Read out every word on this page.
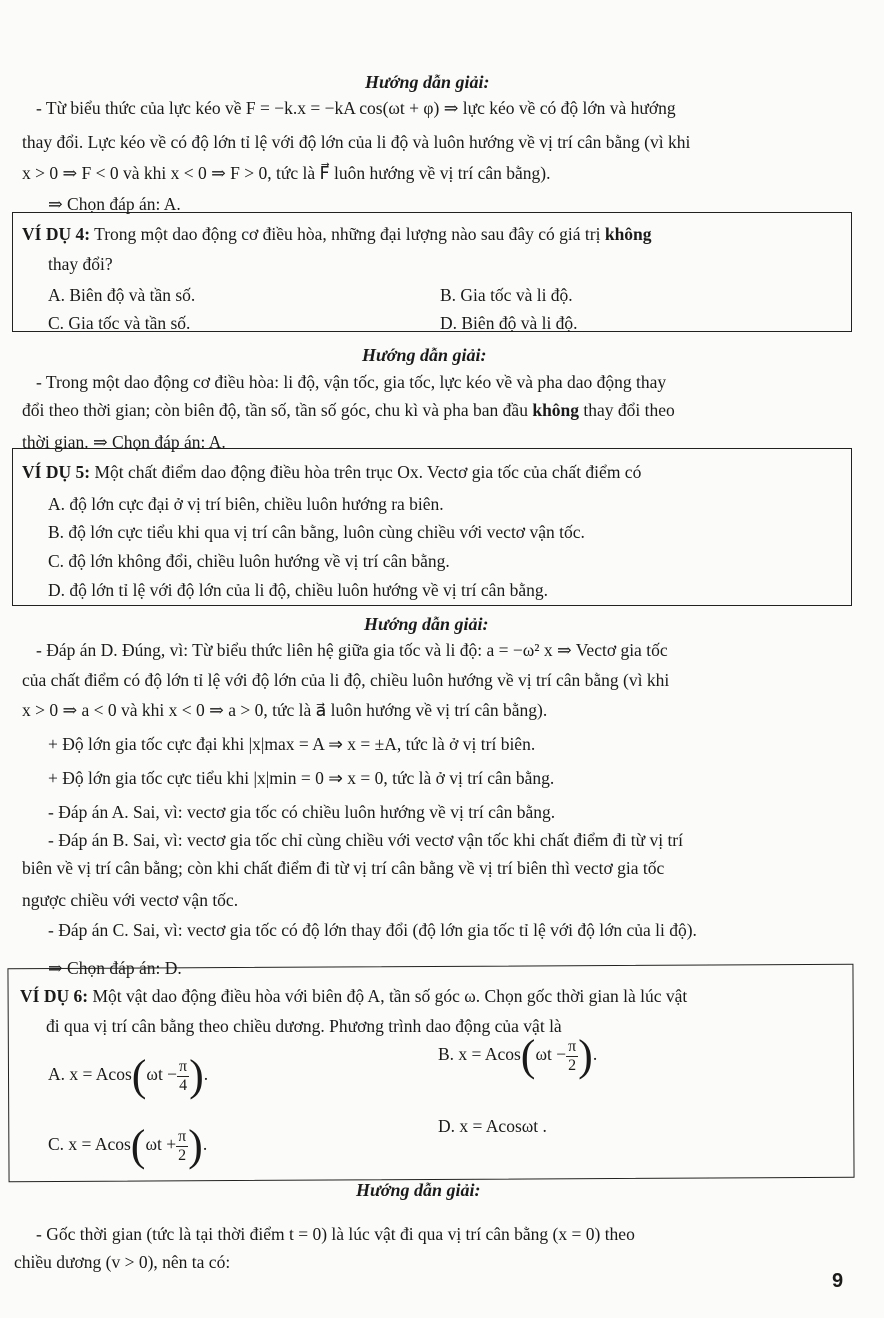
Hướng dẫn giải:
- Từ biểu thức của lực kéo về F = −k.x = −kA cos(ωt + φ) ⇒ lực kéo về có độ lớn và hướng
thay đổi. Lực kéo về có độ lớn tỉ lệ với độ lớn của li độ và luôn hướng về vị trí cân bằng (vì khi
x > 0 ⇒ F < 0 và khi x < 0 ⇒ F > 0, tức là F⃗ luôn hướng về vị trí cân bằng).
⇒ Chọn đáp án: A.
VÍ DỤ 4: Trong một dao động cơ điều hòa, những đại lượng nào sau đây có giá trị không
thay đổi?
A. Biên độ và tần số.	B. Gia tốc và li độ.
C. Gia tốc và tần số.	D. Biên độ và li độ.
Hướng dẫn giải:
- Trong một dao động cơ điều hòa: li độ, vận tốc, gia tốc, lực kéo về và pha dao động thay
đổi theo thời gian; còn biên độ, tần số, tần số góc, chu kì và pha ban đầu không thay đổi theo
thời gian. ⇒ Chọn đáp án: A.
VÍ DỤ 5: Một chất điểm dao động điều hòa trên trục Ox. Vectơ gia tốc của chất điểm có
A. độ lớn cực đại ở vị trí biên, chiều luôn hướng ra biên.
B. độ lớn cực tiểu khi qua vị trí cân bằng, luôn cùng chiều với vectơ vận tốc.
C. độ lớn không đổi, chiều luôn hướng về vị trí cân bằng.
D. độ lớn tỉ lệ với độ lớn của li độ, chiều luôn hướng về vị trí cân bằng.
Hướng dẫn giải:
- Đáp án D. Đúng, vì: Từ biểu thức liên hệ giữa gia tốc và li độ: a = −ω² x ⇒ Vectơ gia tốc
của chất điểm có độ lớn tỉ lệ với độ lớn của li độ, chiều luôn hướng về vị trí cân bằng (vì khi
x > 0 ⇒ a < 0 và khi x < 0 ⇒ a > 0, tức là a⃗ luôn hướng về vị trí cân bằng).
+ Độ lớn gia tốc cực đại khi |x|max = A ⇒ x = ±A, tức là ở vị trí biên.
+ Độ lớn gia tốc cực tiểu khi |x|min = 0 ⇒ x = 0, tức là ở vị trí cân bằng.
- Đáp án A. Sai, vì: vectơ gia tốc có chiều luôn hướng về vị trí cân bằng.
- Đáp án B. Sai, vì: vectơ gia tốc chỉ cùng chiều với vectơ vận tốc khi chất điểm đi từ vị trí
biên về vị trí cân bằng; còn khi chất điểm đi từ vị trí cân bằng về vị trí biên thì vectơ gia tốc
ngược chiều với vectơ vận tốc.
- Đáp án C. Sai, vì: vectơ gia tốc có độ lớn thay đổi (độ lớn gia tốc tỉ lệ với độ lớn của li độ).
⇒ Chọn đáp án: D.
VÍ DỤ 6: Một vật dao động điều hòa với biên độ A, tần số góc ω. Chọn gốc thời gian là lúc vật
đi qua vị trí cân bằng theo chiều dương. Phương trình dao động của vật là
A. $x = Acos(\omega t - \frac{\pi}{4}$ ).
B. $x = Acos(\omega t - \frac{\pi}{2}$ ).
C. $x = Acos(\omega t + \frac{\pi}{2}$ ).
D. x = Acosωt .
Hướng dẫn giải:
- Gốc thời gian (tức là tại thời điểm t = 0) là lúc vật đi qua vị trí cân bằng (x = 0) theo
chiều dương (v > 0), nên ta có:
9
